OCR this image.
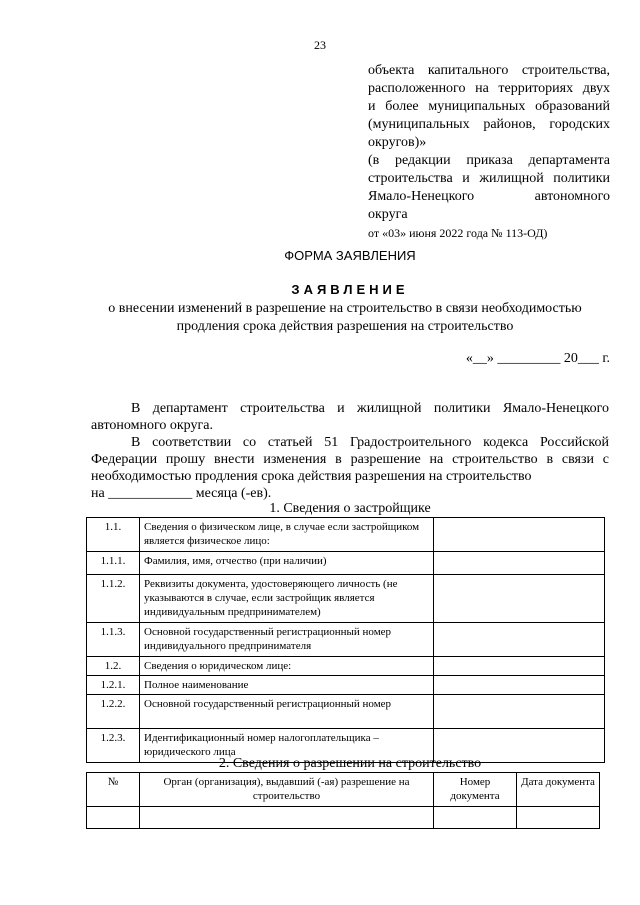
23
объекта капитального строительства,
расположенного на территориях двух
и более муниципальных образований
(муниципальных районов, городских
округов)»
(в редакции приказа департамента
строительства и жилищной политики
Ямало-Ненецкого автономного
округа
от «03» июня 2022 года № 113-ОД)
ФОРМА ЗАЯВЛЕНИЯ
ЗАЯВЛЕНИЕ
о внесении изменений в разрешение на строительство в связи необходимостью продления срока действия разрешения на строительство
«__» _________ 20___ г.

В департамент строительства и жилищной политики Ямало-Ненецкого автономного округа.

В соответствии со статьей 51 Градостроительного кодекса Российской Федерации прошу внести изменения в разрешение на строительство в связи с необходимостью продления срока действия разрешения на строительство

на ____________ месяца (-ев).

1. Сведения о застройщике
1.1.	Сведения о физическом лице, в случае если застройщиком является физическое лицо:	
1.1.1.	Фамилия, имя, отчество (при наличии)	
1.1.2.	Реквизиты документа, удостоверяющего личность (не указываются в случае, если застройщик является индивидуальным предпринимателем)	
1.1.3.	Основной государственный регистрационный номер индивидуального предпринимателя	
1.2.	Сведения о юридическом лице:	
1.2.1.	Полное наименование	
1.2.2.	Основной государственный регистрационный номер	
1.2.3.	Идентификационный номер налогоплательщика – юридического лица	
2. Сведения о разрешении на строительство
№	Орган (организация), выдавший (-ая) разрешение на строительство	Номер документа	Дата документа
